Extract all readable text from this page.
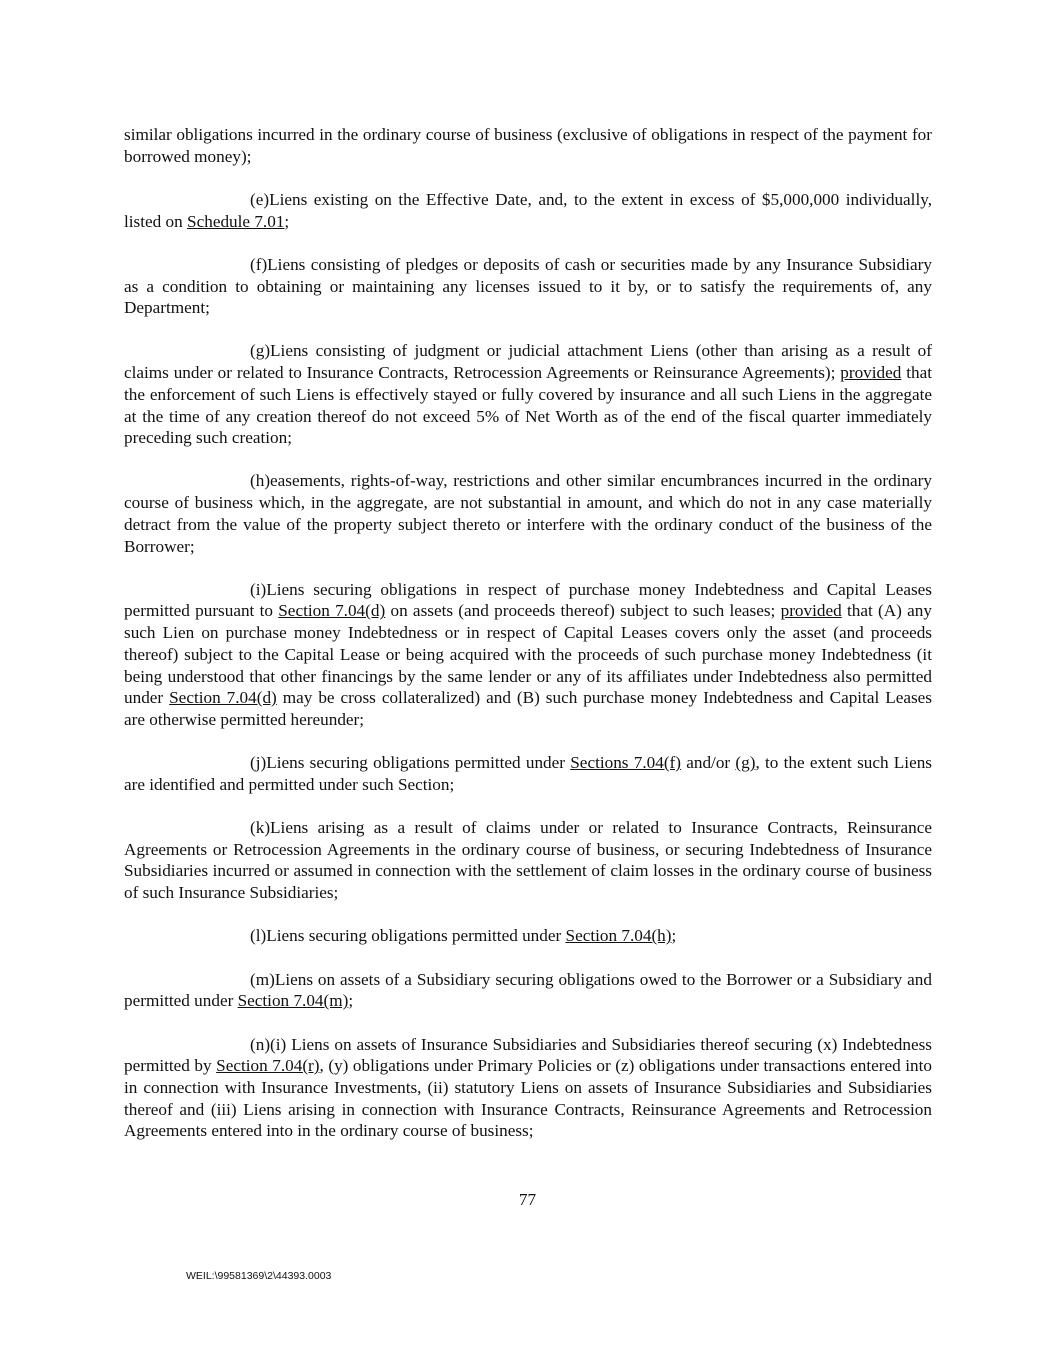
similar obligations incurred in the ordinary course of business (exclusive of obligations in respect of the payment for borrowed money);

(e)Liens existing on the Effective Date, and, to the extent in excess of $5,000,000 individually, listed on Schedule 7.01;

(f)Liens consisting of pledges or deposits of cash or securities made by any Insurance Subsidiary as a condition to obtaining or maintaining any licenses issued to it by, or to satisfy the requirements of, any Department;

(g)Liens consisting of judgment or judicial attachment Liens (other than arising as a result of claims under or related to Insurance Contracts, Retrocession Agreements or Reinsurance Agreements); provided that the enforcement of such Liens is effectively stayed or fully covered by insurance and all such Liens in the aggregate at the time of any creation thereof do not exceed 5% of Net Worth as of the end of the fiscal quarter immediately preceding such creation;

(h)easements, rights-of-way, restrictions and other similar encumbrances incurred in the ordinary course of business which, in the aggregate, are not substantial in amount, and which do not in any case materially detract from the value of the property subject thereto or interfere with the ordinary conduct of the business of the Borrower;

(i)Liens securing obligations in respect of purchase money Indebtedness and Capital Leases permitted pursuant to Section 7.04(d) on assets (and proceeds thereof) subject to such leases; provided that (A) any such Lien on purchase money Indebtedness or in respect of Capital Leases covers only the asset (and proceeds thereof) subject to the Capital Lease or being acquired with the proceeds of such purchase money Indebtedness (it being understood that other financings by the same lender or any of its affiliates under Indebtedness also permitted under Section 7.04(d) may be cross collateralized) and (B) such purchase money Indebtedness and Capital Leases are otherwise permitted hereunder;

(j)Liens securing obligations permitted under Sections 7.04(f) and/or (g), to the extent such Liens are identified and permitted under such Section;

(k)Liens arising as a result of claims under or related to Insurance Contracts, Reinsurance Agreements or Retrocession Agreements in the ordinary course of business, or securing Indebtedness of Insurance Subsidiaries incurred or assumed in connection with the settlement of claim losses in the ordinary course of business of such Insurance Subsidiaries;

(l)Liens securing obligations permitted under Section 7.04(h);

(m)Liens on assets of a Subsidiary securing obligations owed to the Borrower or a Subsidiary and permitted under Section 7.04(m);

(n)(i) Liens on assets of Insurance Subsidiaries and Subsidiaries thereof securing (x) Indebtedness permitted by Section 7.04(r), (y) obligations under Primary Policies or (z) obligations under transactions entered into in connection with Insurance Investments, (ii) statutory Liens on assets of Insurance Subsidiaries and Subsidiaries thereof and (iii) Liens arising in connection with Insurance Contracts, Reinsurance Agreements and Retrocession Agreements entered into in the ordinary course of business;

77
WEIL:\99581369\2\44393.0003
